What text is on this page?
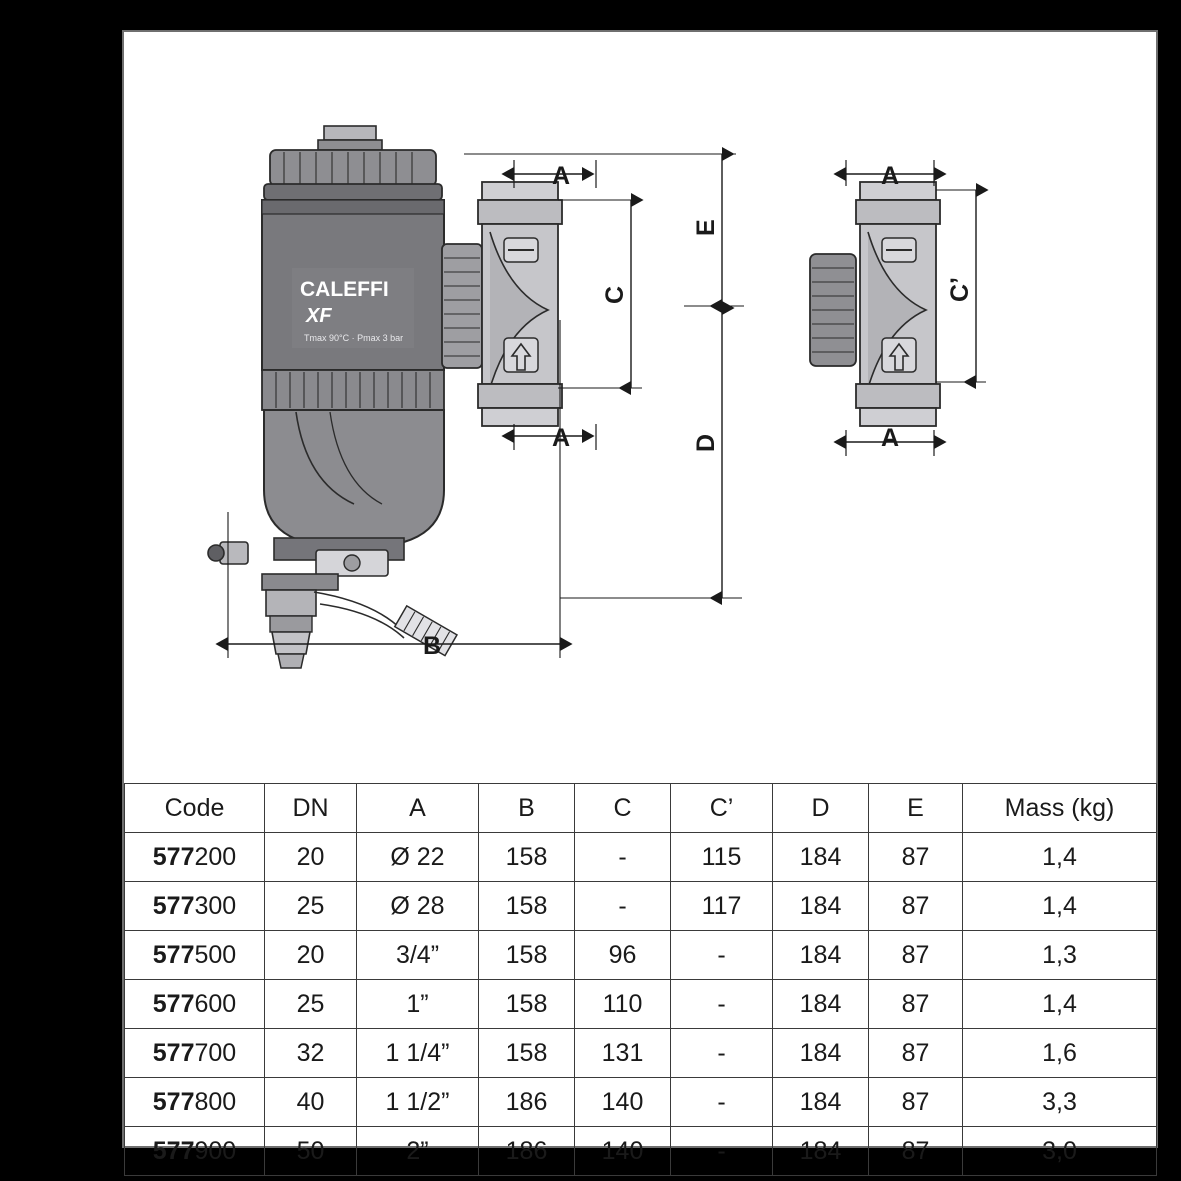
CALEFFI
XF
Tmax 90°C · Pmax 3 bar
A
A
B
C
D
E
A
A
C’
Code	DN	A	B	C	C’	D	E	Mass (kg)
577200	20	Ø 22	158	-	115	184	87	1,4
577300	25	Ø 28	158	-	117	184	87	1,4
577500	20	3/4”	158	96	-	184	87	1,3
577600	25	1”	158	110	-	184	87	1,4
577700	32	1 1/4”	158	131	-	184	87	1,6
577800	40	1 1/2”	186	140	-	184	87	3,3
577900	50	2”	186	140	-	184	87	3,0
